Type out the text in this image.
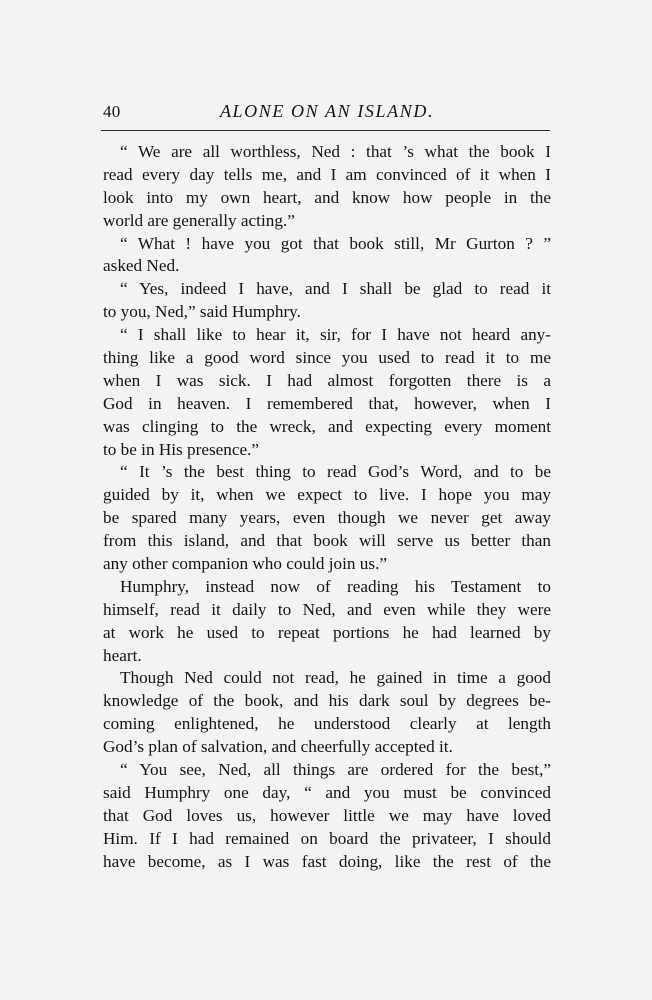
40	ALONE ON AN ISLAND.
“ We are all worthless, Ned : that ’s what the book I
read every day tells me, and I am convinced of it when I
look into my own heart, and know how people in the
world are generally acting.”
“ What ! have you got that book still, Mr Gurton ? ”
asked Ned.
“ Yes, indeed I have, and I shall be glad to read it
to you, Ned,” said Humphry.
“ I shall like to hear it, sir, for I have not heard any-
thing like a good word since you used to read it to me
when I was sick. I had almost forgotten there is a
God in heaven. I remembered that, however, when I
was clinging to the wreck, and expecting every moment
to be in His presence.”
“ It ’s the best thing to read God’s Word, and to be
guided by it, when we expect to live. I hope you may
be spared many years, even though we never get away
from this island, and that book will serve us better than
any other companion who could join us.”
Humphry, instead now of reading his Testament to
himself, read it daily to Ned, and even while they were
at work he used to repeat portions he had learned by
heart.
Though Ned could not read, he gained in time a good
knowledge of the book, and his dark soul by degrees be-
coming enlightened, he understood clearly at length
God’s plan of salvation, and cheerfully accepted it.
“ You see, Ned, all things are ordered for the best,”
said Humphry one day, “ and you must be convinced
that God loves us, however little we may have loved
Him. If I had remained on board the privateer, I should
have become, as I was fast doing, like the rest of the
